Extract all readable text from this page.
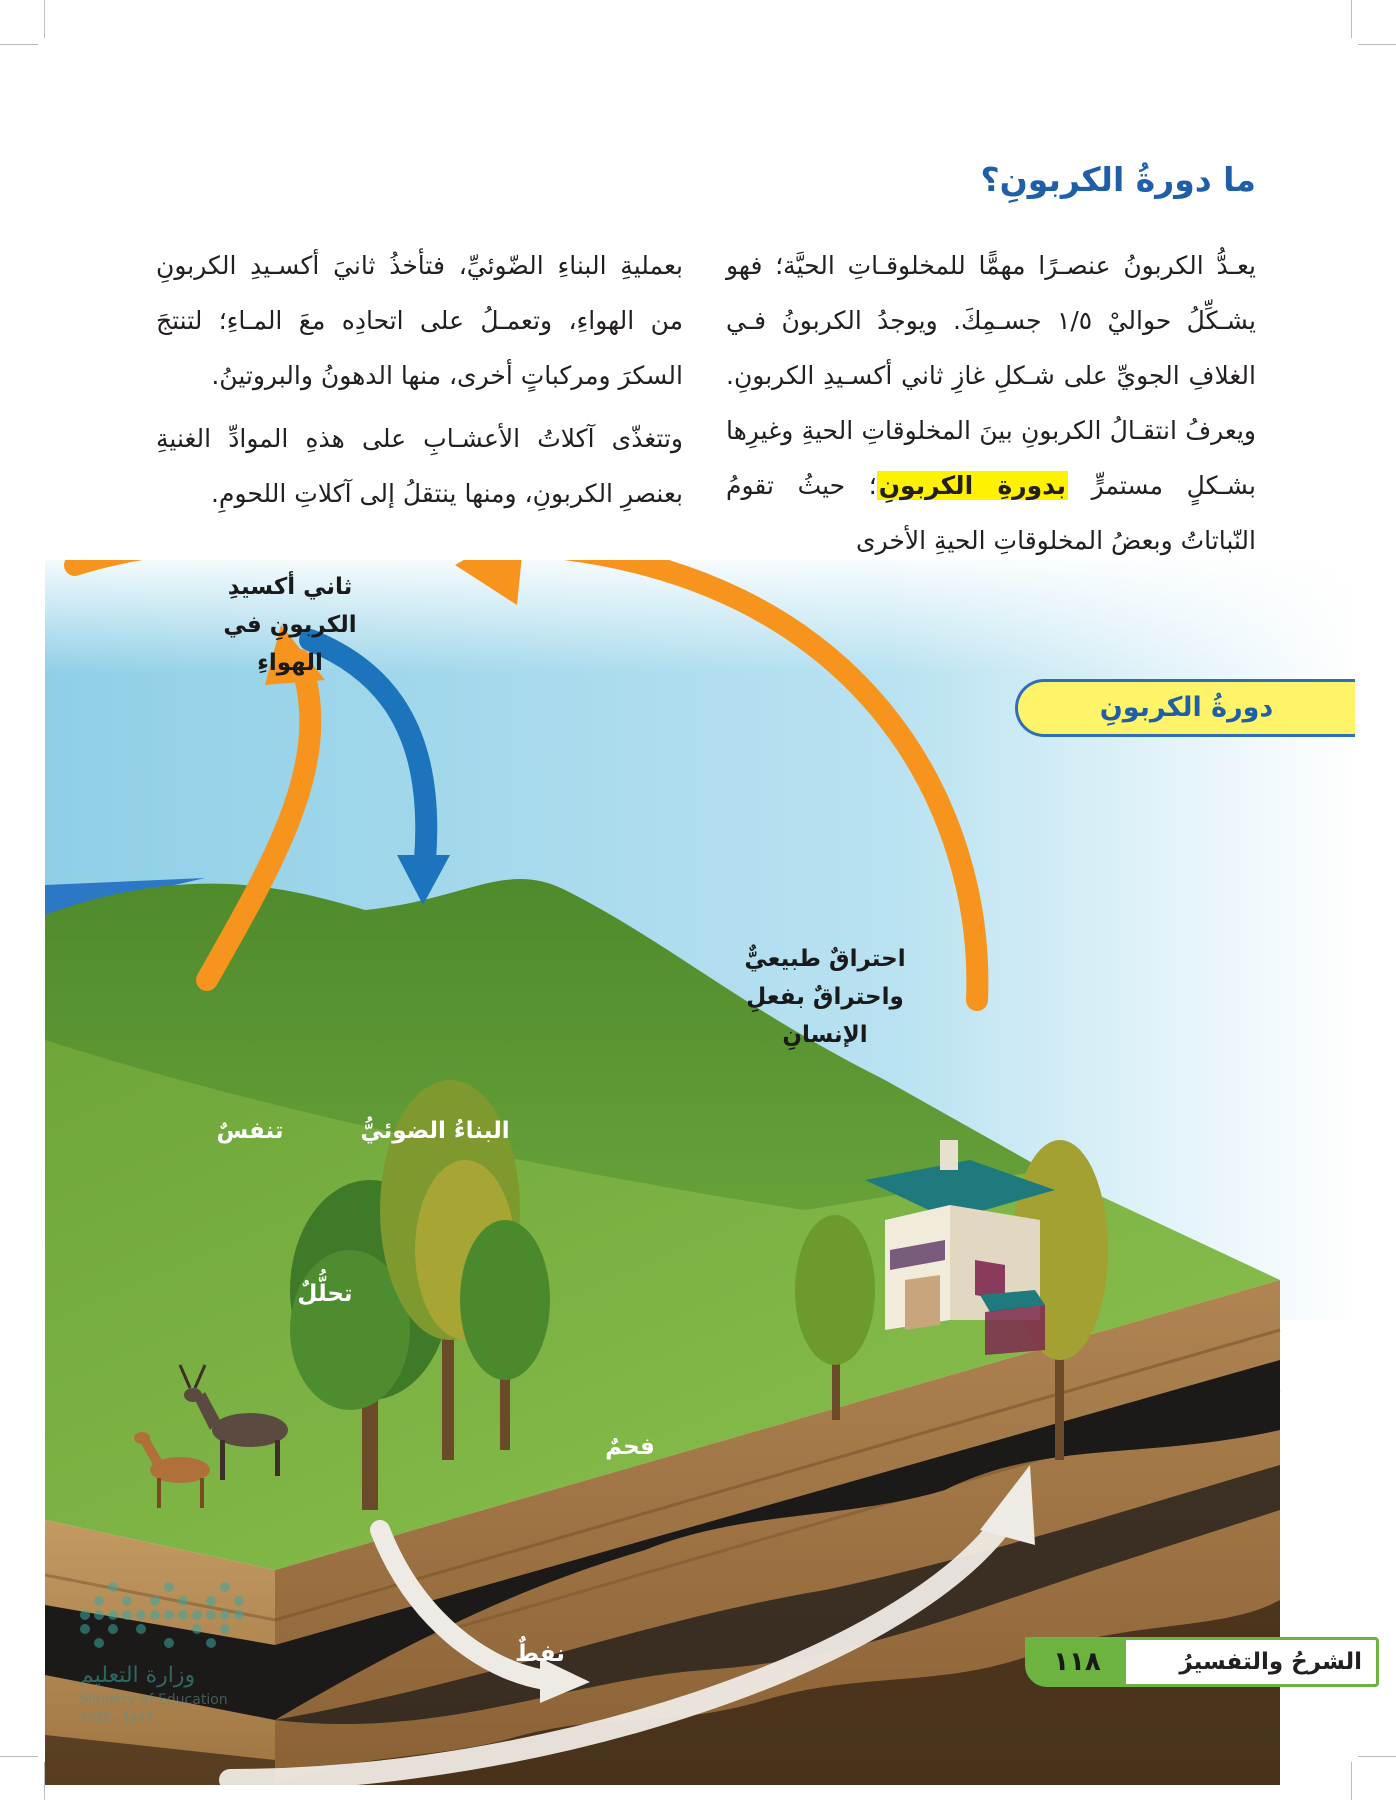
ما دورةُ الكربونِ؟

يعـدُّ الكربونُ عنصـرًا مهمًّا للمخلوقـاتِ الحيَّة؛ فهو يشـكِّلُ حواليْ ١/٥ جسـمِكَ. ويوجدُ الكربونُ فـي الغلافِ الجويِّ على شـكلِ غازِ ثاني أكسـيدِ الكربونِ. ويعرفُ انتقـالُ الكربونِ بينَ المخلوقاتِ الحيةِ وغيرِها بشـكلٍ مستمرٍّ بدورةِ الكربونِ؛ حيثُ تقومُ النّباتاتُ وبعضُ المخلوقاتِ الحيةِ الأخرى

بعمليةِ البناءِ الضّوئيِّ، فتأخذُ ثانيَ أكسـيدِ الكربونِ من الهواءِ، وتعمـلُ على اتحادِه معَ المـاءِ؛ لتنتجَ السكرَ ومركباتٍ أخرى، منها الدهونُ والبروتينُ.

وتتغذّى آكلاتُ الأعشـابِ على هذهِ الموادِّ الغنيةِ بعنصرِ الكربونِ، ومنها ينتقلُ إلى آكلاتِ اللحومِ.

ثاني أكسيدِ
الكربونِ في
الهواءِ
احتراقٌ طبيعيٌّ
واحتراقٌ بفعلِ الإنسانِ
تنفسٌ	البناءُ الضوئيُّ
تحلُّلٌ
فحمٌ
نفطٌ
دورةُ الكربونِ
وزارة التعليم
Ministry of Education
2025 - 1447
الشرحُ والتفسيرُ
١١٨
